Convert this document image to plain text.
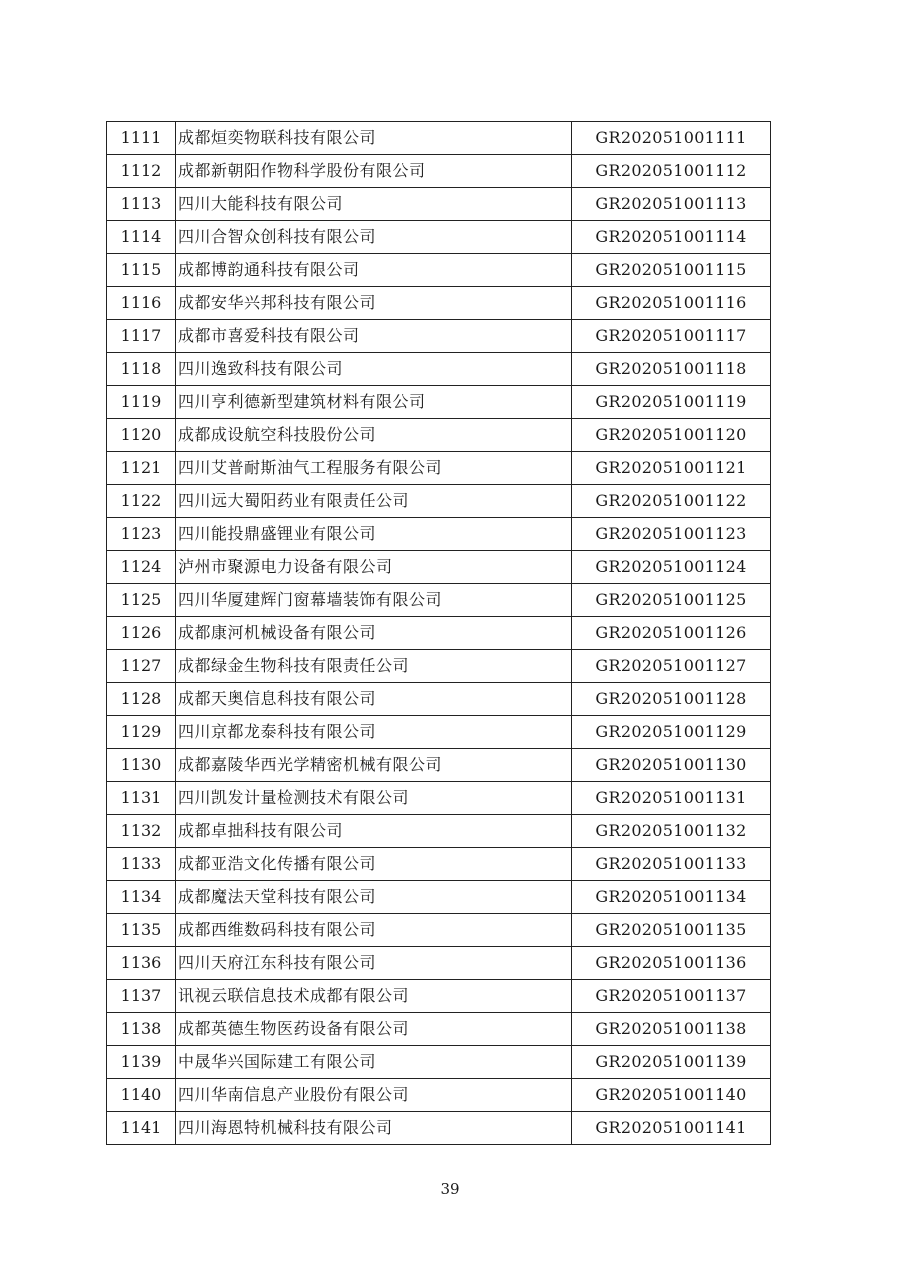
1111	成都烜奕物联科技有限公司	GR202051001111
1112	成都新朝阳作物科学股份有限公司	GR202051001112
1113	四川大能科技有限公司	GR202051001113
1114	四川合智众创科技有限公司	GR202051001114
1115	成都博韵通科技有限公司	GR202051001115
1116	成都安华兴邦科技有限公司	GR202051001116
1117	成都市喜爱科技有限公司	GR202051001117
1118	四川逸致科技有限公司	GR202051001118
1119	四川亨利德新型建筑材料有限公司	GR202051001119
1120	成都成设航空科技股份公司	GR202051001120
1121	四川艾普耐斯油气工程服务有限公司	GR202051001121
1122	四川远大蜀阳药业有限责任公司	GR202051001122
1123	四川能投鼎盛锂业有限公司	GR202051001123
1124	泸州市聚源电力设备有限公司	GR202051001124
1125	四川华厦建辉门窗幕墙装饰有限公司	GR202051001125
1126	成都康河机械设备有限公司	GR202051001126
1127	成都绿金生物科技有限责任公司	GR202051001127
1128	成都天奥信息科技有限公司	GR202051001128
1129	四川京都龙泰科技有限公司	GR202051001129
1130	成都嘉陵华西光学精密机械有限公司	GR202051001130
1131	四川凯发计量检测技术有限公司	GR202051001131
1132	成都卓拙科技有限公司	GR202051001132
1133	成都亚浩文化传播有限公司	GR202051001133
1134	成都魔法天堂科技有限公司	GR202051001134
1135	成都西维数码科技有限公司	GR202051001135
1136	四川天府江东科技有限公司	GR202051001136
1137	讯视云联信息技术成都有限公司	GR202051001137
1138	成都英德生物医药设备有限公司	GR202051001138
1139	中晟华兴国际建工有限公司	GR202051001139
1140	四川华南信息产业股份有限公司	GR202051001140
1141	四川海恩特机械科技有限公司	GR202051001141
39
